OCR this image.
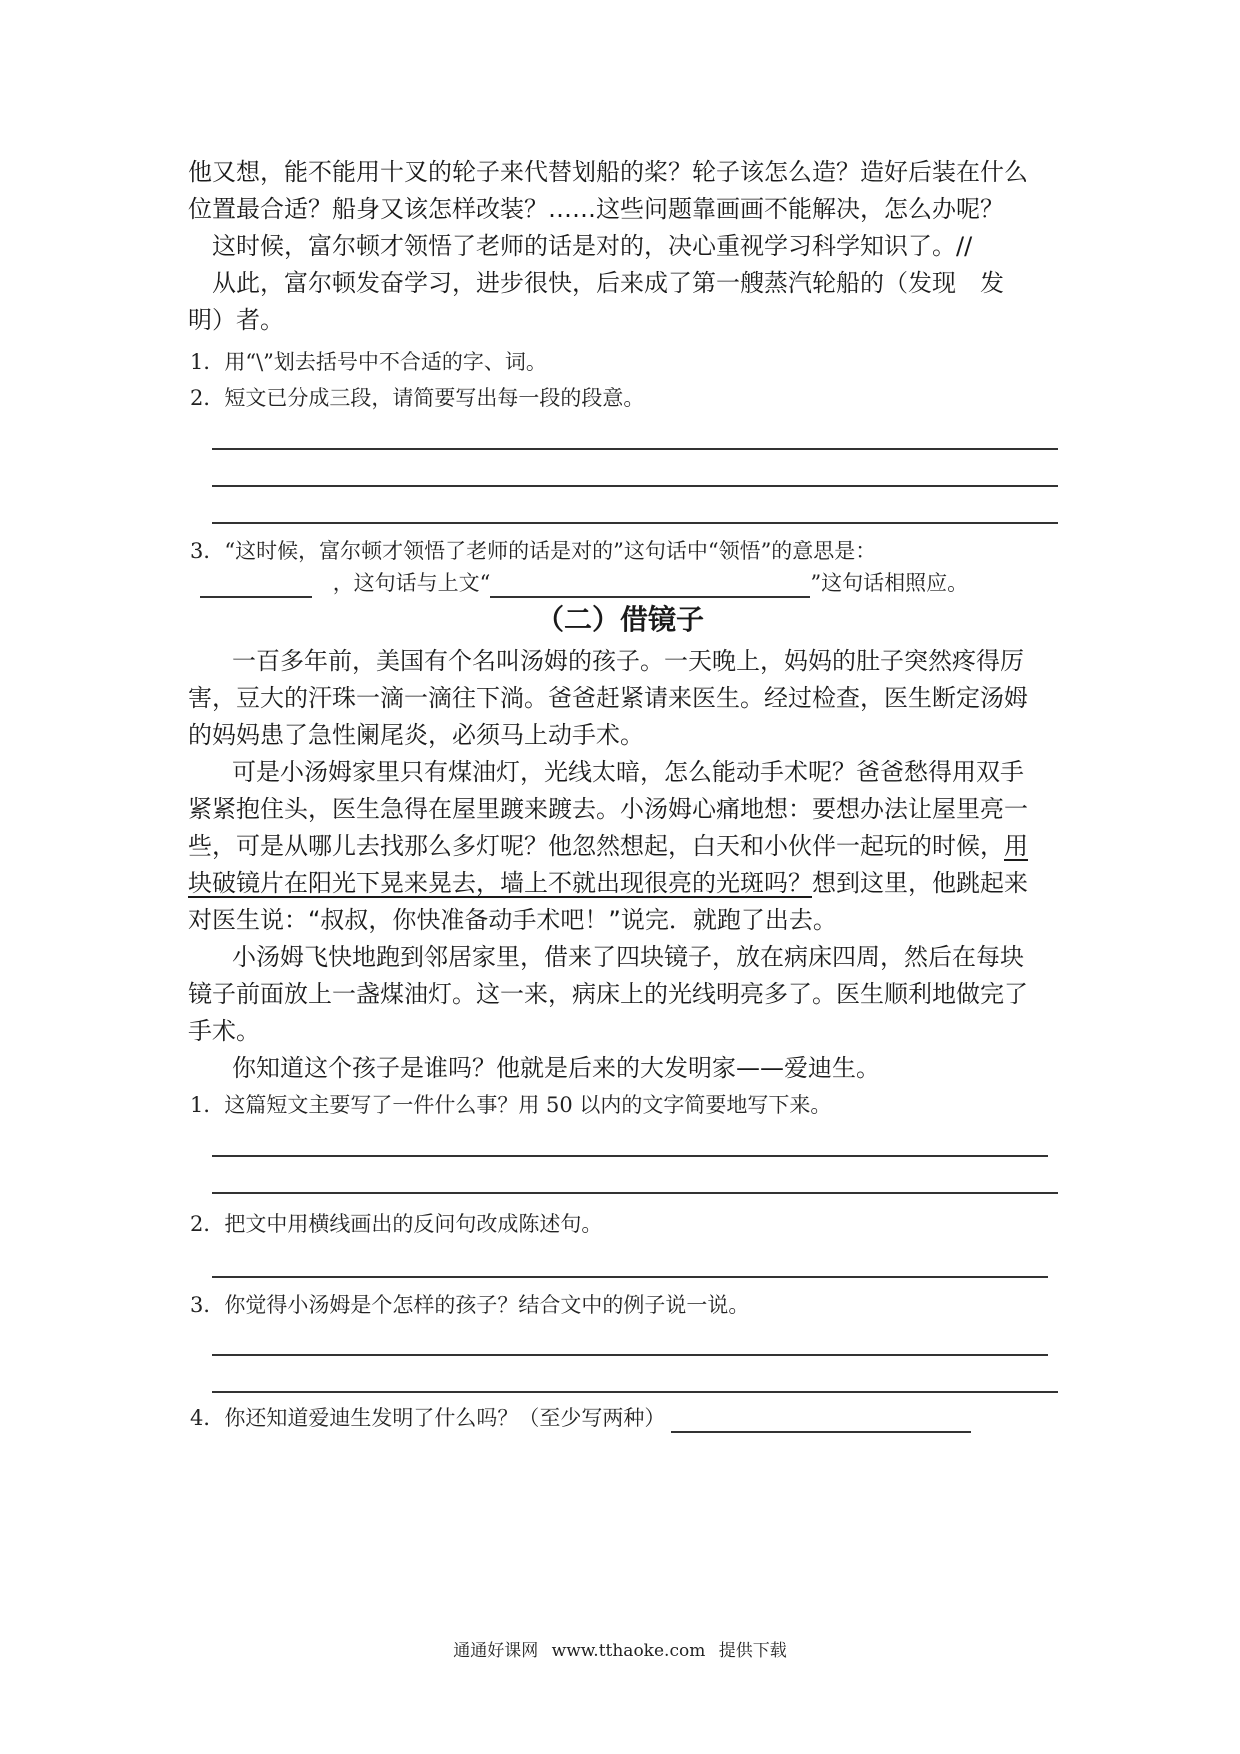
他又想，能不能用十叉的轮子来代替划船的桨？轮子该怎么造？造好后装在什么
位置最合适？船身又该怎样改装？……这些问题靠画画不能解决，怎么办呢？
这时候，富尔顿才领悟了老师的话是对的，决心重视学习科学知识了。//
从此，富尔顿发奋学习，进步很快，后来成了第一艘蒸汽轮船的（发现　发
明）者。
1．用“\”划去括号中不合适的字、词。
2．短文已分成三段，请简要写出每一段的段意。
3．“这时候，富尔顿才领悟了老师的话是对的”这句话中“领悟”的意思是：
，这句话与上文“	”这句话相照应。
（二）借镜子
一百多年前，美国有个名叫汤姆的孩子。一天晚上，妈妈的肚子突然疼得厉
害，豆大的汗珠一滴一滴往下淌。爸爸赶紧请来医生。经过检查，医生断定汤姆
的妈妈患了急性阑尾炎，必须马上动手术。
可是小汤姆家里只有煤油灯，光线太暗，怎么能动手术呢？爸爸愁得用双手
紧紧抱住头，医生急得在屋里踱来踱去。小汤姆心痛地想：要想办法让屋里亮一
些，可是从哪儿去找那么多灯呢？他忽然想起，白天和小伙伴一起玩的时候，用
块破镜片在阳光下晃来晃去，墙上不就出现很亮的光斑吗？想到这里，他跳起来
对医生说：“叔叔，你快准备动手术吧！”说完．就跑了出去。
小汤姆飞快地跑到邻居家里，借来了四块镜子，放在病床四周，然后在每块
镜子前面放上一盏煤油灯。这一来，病床上的光线明亮多了。医生顺利地做完了
手术。
你知道这个孩子是谁吗？他就是后来的大发明家——爱迪生。
1．这篇短文主要写了一件什么事？用 50 以内的文字简要地写下来。
2．把文中用横线画出的反问句改成陈述句。
3．你觉得小汤姆是个怎样的孩子？结合文中的例子说一说。
4．你还知道爱迪生发明了什么吗？（至少写两种）
通通好课网 www.tthaoke.com 提供下载
